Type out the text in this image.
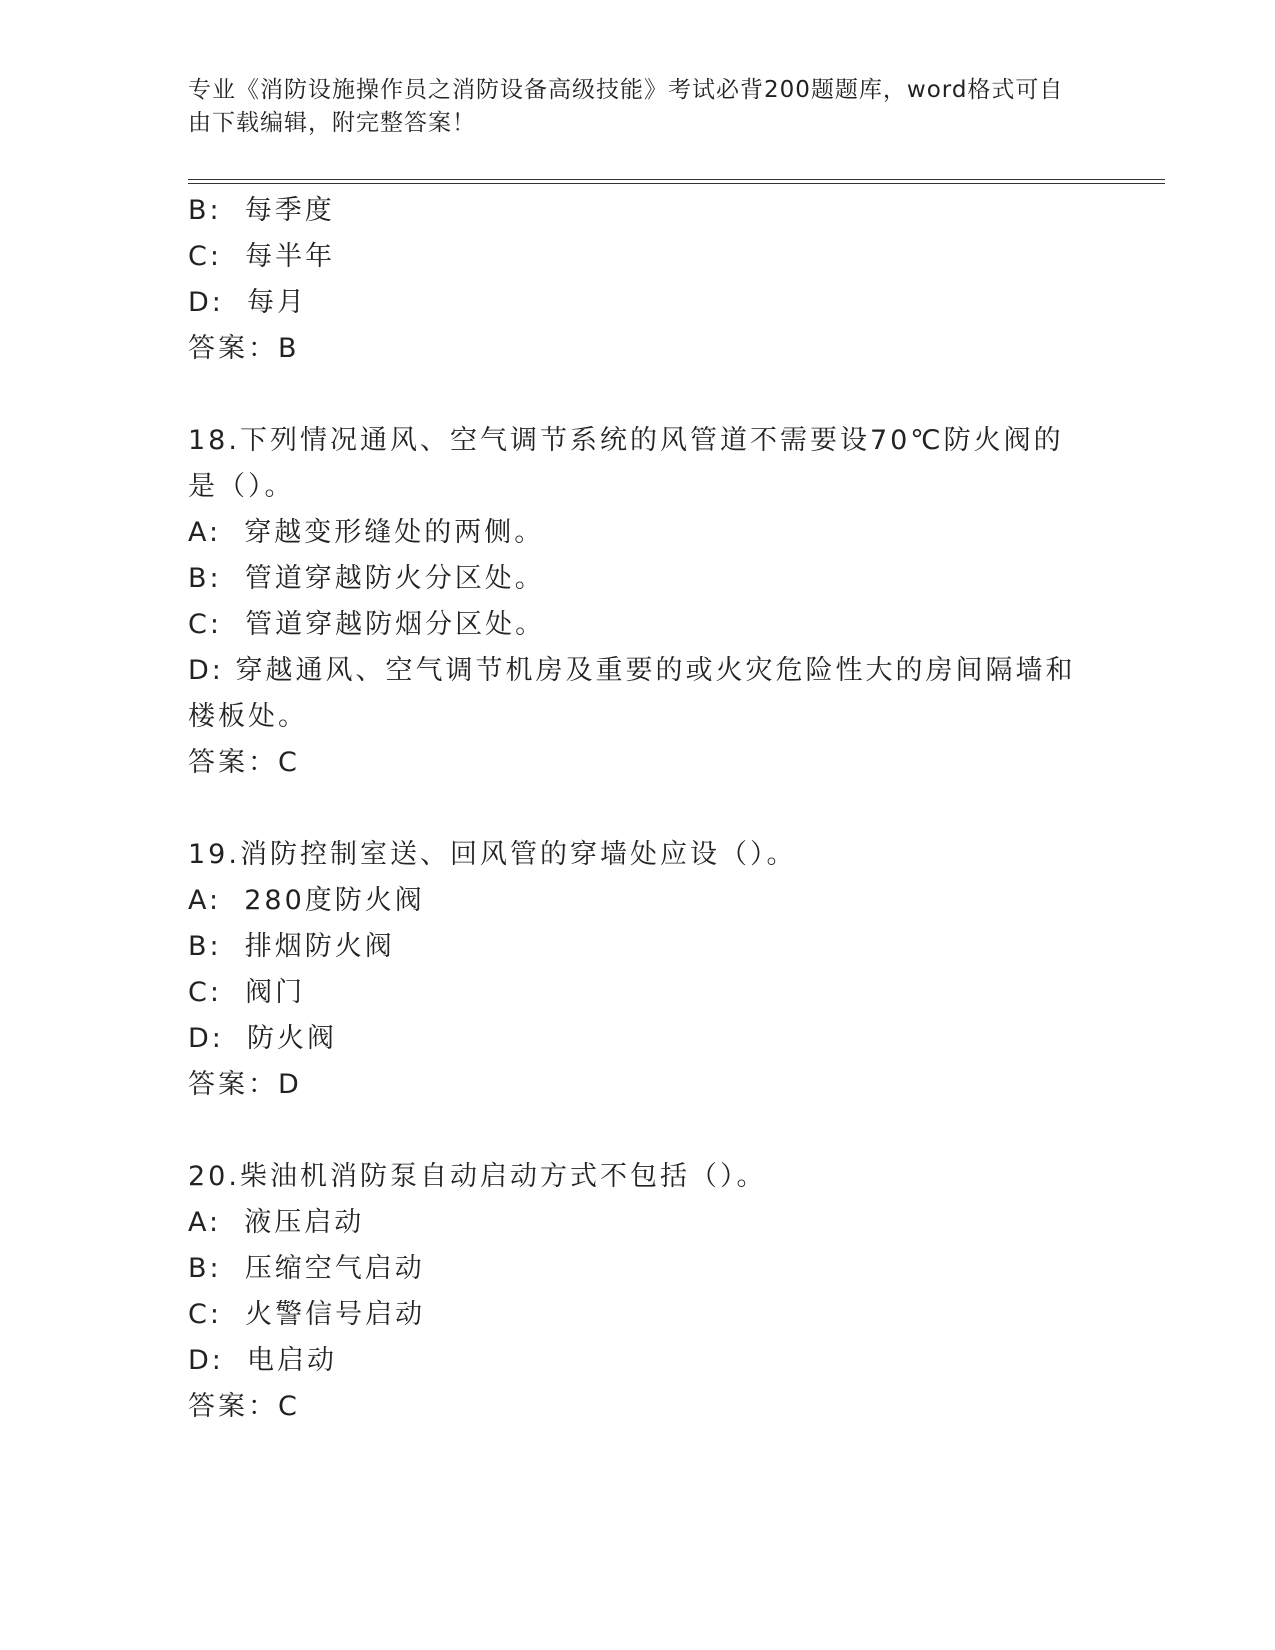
专业《消防设施操作员之消防设备高级技能》考试必背200题题库，word格式可自由下载编辑，附完整答案！
B:  每季度
C:  每半年
D:  每月
答案：B
18.下列情况通风、空气调节系统的风管道不需要设70℃防火阀的是（）。
A:  穿越变形缝处的两侧。
B:  管道穿越防火分区处。
C:  管道穿越防烟分区处。
D: 穿越通风、空气调节机房及重要的或火灾危险性大的房间隔墙和楼板处。
答案：C
19.消防控制室送、回风管的穿墙处应设（）。
A:  280度防火阀
B:  排烟防火阀
C:  阀门
D:  防火阀
答案：D
20.柴油机消防泵自动启动方式不包括（）。
A:  液压启动
B:  压缩空气启动
C:  火警信号启动
D:  电启动
答案：C
